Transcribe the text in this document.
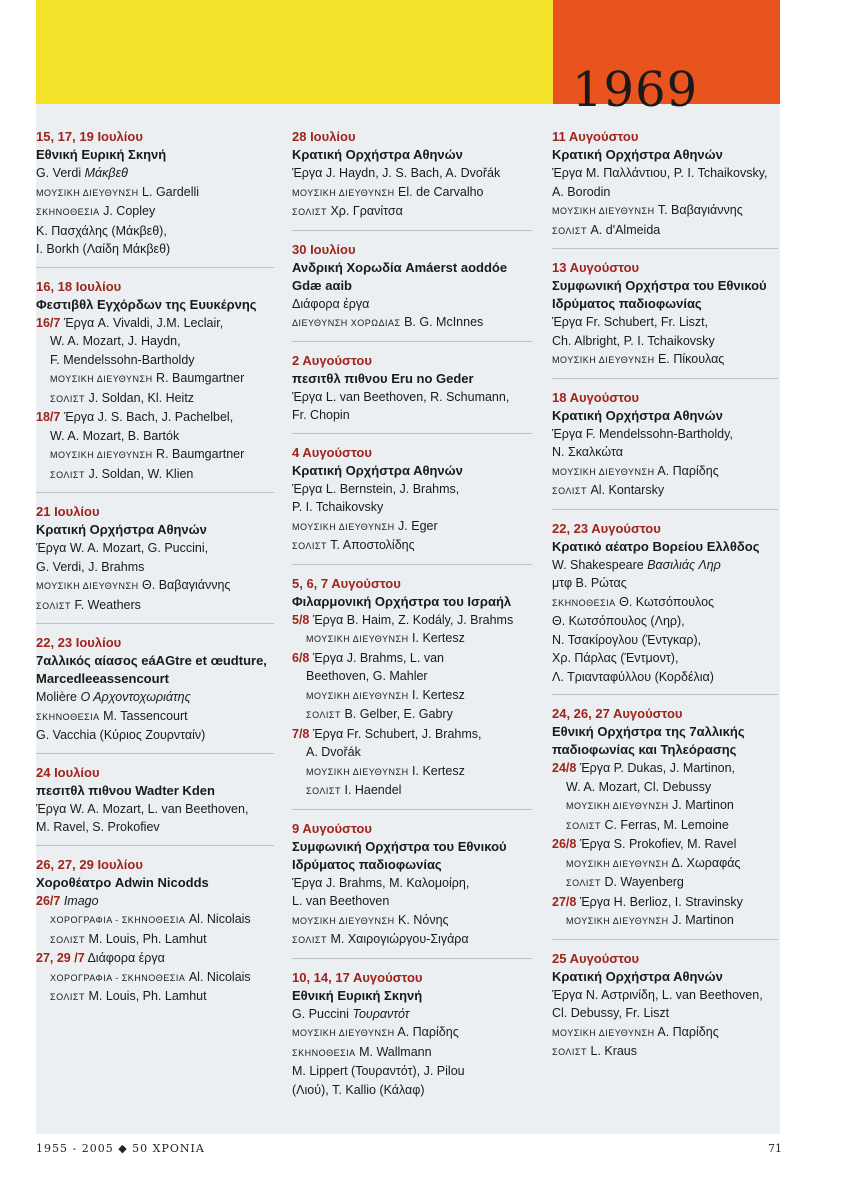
1969
15, 17, 19 Ιουλίου
Εθνική Ευρική Σκηνή
G. Verdi Μάκβεθ
ΜΟΥΣΙΚΗ ΔΙΕΥΘΥΝΣΗ L. Gardelli
ΣΚΗΝΟΘΕΣΙΑ J. Copley
Κ. Πασχάλης (Μάκβεθ),
I. Borkh (Λαίδη Μάκβεθ)
16, 18 Ιουλίου
Φεστιβθλ Εγχόρδων της Ευυκέρνης
16/7 Έργα A. Vivaldi, J.M. Leclair,
W. A. Mozart, J. Haydn,
F. Mendelssohn-Bartholdy
ΜΟΥΣΙΚΗ ΔΙΕΥΘΥΝΣΗ R. Baumgartner
ΣΟΛΙΣΤ J. Soldan, Kl. Heitz
18/7 Έργα J. S. Bach, J. Pachelbel,
W. A. Mozart, B. Bartók
ΜΟΥΣΙΚΗ ΔΙΕΥΘΥΝΣΗ R. Baumgartner
ΣΟΛΙΣΤ J. Soldan, W. Klien
21 Ιουλίου
Κρατική Ορχήστρα Αθηνών
Έργα W. A. Mozart, G. Puccini,
G. Verdi, J. Brahms
ΜΟΥΣΙΚΗ ΔΙΕΥΘΥΝΣΗ Θ. Βαβαγιάννης
ΣΟΛΙΣΤ F. Weathers
22, 23 Ιουλίου
7αλλικός αίασος eáAGtre et œudture,
Marcedleeassencourt
Molière Ο Αρχοντοχωριάτης
ΣΚΗΝΟΘΕΣΙΑ M. Tassencourt
G. Vacchia (Κύριος Ζουρνταίν)
24 Ιουλίου
πεσιτθλ πιθνου Wadter Kden
Έργα W. A. Mozart, L. van Beethoven,
M. Ravel, S. Prokofiev
26, 27, 29 Ιουλίου
Χοροθέατρο Adwin Nicodds
26/7 Imago
ΧΟΡΟΓΡΑΦΙΑ - ΣΚΗΝΟΘΕΣΙΑ Al. Nicolais
ΣΟΛΙΣΤ M. Louis, Ph. Lamhut
27, 29 /7 Διάφορα έργα
ΧΟΡΟΓΡΑΦΙΑ - ΣΚΗΝΟΘΕΣΙΑ Al. Nicolais
ΣΟΛΙΣΤ M. Louis, Ph. Lamhut
28 Ιουλίου
Κρατική Ορχήστρα Αθηνών
Έργα J. Haydn, J. S. Bach, A. Dvořák
ΜΟΥΣΙΚΗ ΔΙΕΥΘΥΝΣΗ El. de Carvalho
ΣΟΛΙΣΤ Χρ. Γρανίτσα
30 Ιουλίου
Ανδρική Χορωδία Amáerst aoddóe
Gdæ aαib
Διάφορα έργα
ΔΙΕΥΘΥΝΣΗ ΧΟΡΩΔΙΑΣ B. G. McInnes
2 Αυγούστου
πεσιτθλ πιθνου Eru no Geder
Έργα L. van Beethoven, R. Schumann,
Fr. Chopin
4 Αυγούστου
Κρατική Ορχήστρα Αθηνών
Έργα L. Bernstein, J. Brahms,
P. I. Tchaikovsky
ΜΟΥΣΙΚΗ ΔΙΕΥΘΥΝΣΗ J. Eger
ΣΟΛΙΣΤ Τ. Αποστολίδης
5, 6, 7 Αυγούστου
Φιλαρμονική Ορχήστρα του Ισραήλ
5/8 Έργα B. Haim, Z. Kodály, J. Brahms
ΜΟΥΣΙΚΗ ΔΙΕΥΘΥΝΣΗ I. Kertesz
6/8 Έργα J. Brahms, L. van
Beethoven, G. Mahler
ΜΟΥΣΙΚΗ ΔΙΕΥΘΥΝΣΗ I. Kertesz
ΣΟΛΙΣΤ B. Gelber, E. Gabry
7/8 Έργα Fr. Schubert, J. Brahms,
A. Dvořák
ΜΟΥΣΙΚΗ ΔΙΕΥΘΥΝΣΗ I. Kertesz
ΣΟΛΙΣΤ I. Haendel
9 Αυγούστου
Συμφωνική Ορχήστρα του Εθνικού
Ιδρύματος παδιοφωνίας
Έργα J. Brahms, M. Καλομοίρη,
L. van Beethoven
ΜΟΥΣΙΚΗ ΔΙΕΥΘΥΝΣΗ Κ. Νόνης
ΣΟΛΙΣΤ Μ. Χαιρογιώργου-Σιγάρα
10, 14, 17 Αυγούστου
Εθνική Ευρική Σκηνή
G. Puccini Τουραντότ
ΜΟΥΣΙΚΗ ΔΙΕΥΘΥΝΣΗ Α. Παρίδης
ΣΚΗΝΟΘΕΣΙΑ M. Wallmann
M. Lippert (Τουραντότ), J. Pilou
(Λιού), T. Kallio (Κάλαφ)
11 Αυγούστου
Κρατική Ορχήστρα Αθηνών
Έργα Μ. Παλλάντιου, P. I. Tchaikovsky,
A. Borodin
ΜΟΥΣΙΚΗ ΔΙΕΥΘΥΝΣΗ Τ. Βαβαγιάννης
ΣΟΛΙΣΤ A. d'Almeida
13 Αυγούστου
Συμφωνική Ορχήστρα του Εθνικού
Ιδρύματος παδιοφωνίας
Έργα Fr. Schubert, Fr. Liszt,
Ch. Albright, P. I. Tchaikovsky
ΜΟΥΣΙΚΗ ΔΙΕΥΘΥΝΣΗ Ε. Πίκουλας
18 Αυγούστου
Κρατική Ορχήστρα Αθηνών
Έργα F. Mendelssohn-Bartholdy,
Ν. Σκαλκώτα
ΜΟΥΣΙΚΗ ΔΙΕΥΘΥΝΣΗ Α. Παρίδης
ΣΟΛΙΣΤ Al. Kontarsky
22, 23 Αυγούστου
Κρατικό αέατρο Βορείου Ελλθδος
W. Shakespeare Βασιλιάς Ληρ
μτφ Β. Ρώτας
ΣΚΗΝΟΘΕΣΙΑ Θ. Κωτσόπουλος
Θ. Κωτσόπουλος (Ληρ),
Ν. Τσακίρογλου (Έντγκαρ),
Χρ. Πάρλας (Έντμοντ),
Λ. Τριανταφύλλου (Κορδέλια)
24, 26, 27 Αυγούστου
Εθνική Ορχήστρα της 7αλλικής
παδιοφωνίας και Τηλεόρασης
24/8 Έργα P. Dukas, J. Martinon,
W. A. Mozart, Cl. Debussy
ΜΟΥΣΙΚΗ ΔΙΕΥΘΥΝΣΗ J. Martinon
ΣΟΛΙΣΤ C. Ferras, M. Lemoine
26/8 Έργα S. Prokofiev, M. Ravel
ΜΟΥΣΙΚΗ ΔΙΕΥΘΥΝΣΗ Δ. Χωραφάς
ΣΟΛΙΣΤ D. Wayenberg
27/8 Έργα H. Berlioz, I. Stravinsky
ΜΟΥΣΙΚΗ ΔΙΕΥΘΥΝΣΗ J. Martinon
25 Αυγούστου
Κρατική Ορχήστρα Αθηνών
Έργα Ν. Αστρινίδη, L. van Beethoven,
Cl. Debussy, Fr. Liszt
ΜΟΥΣΙΚΗ ΔΙΕΥΘΥΝΣΗ Α. Παρίδης
ΣΟΛΙΣΤ L. Kraus
1955 - 2005 ◆ 50 ΧΡΟΝΙΑ	71
